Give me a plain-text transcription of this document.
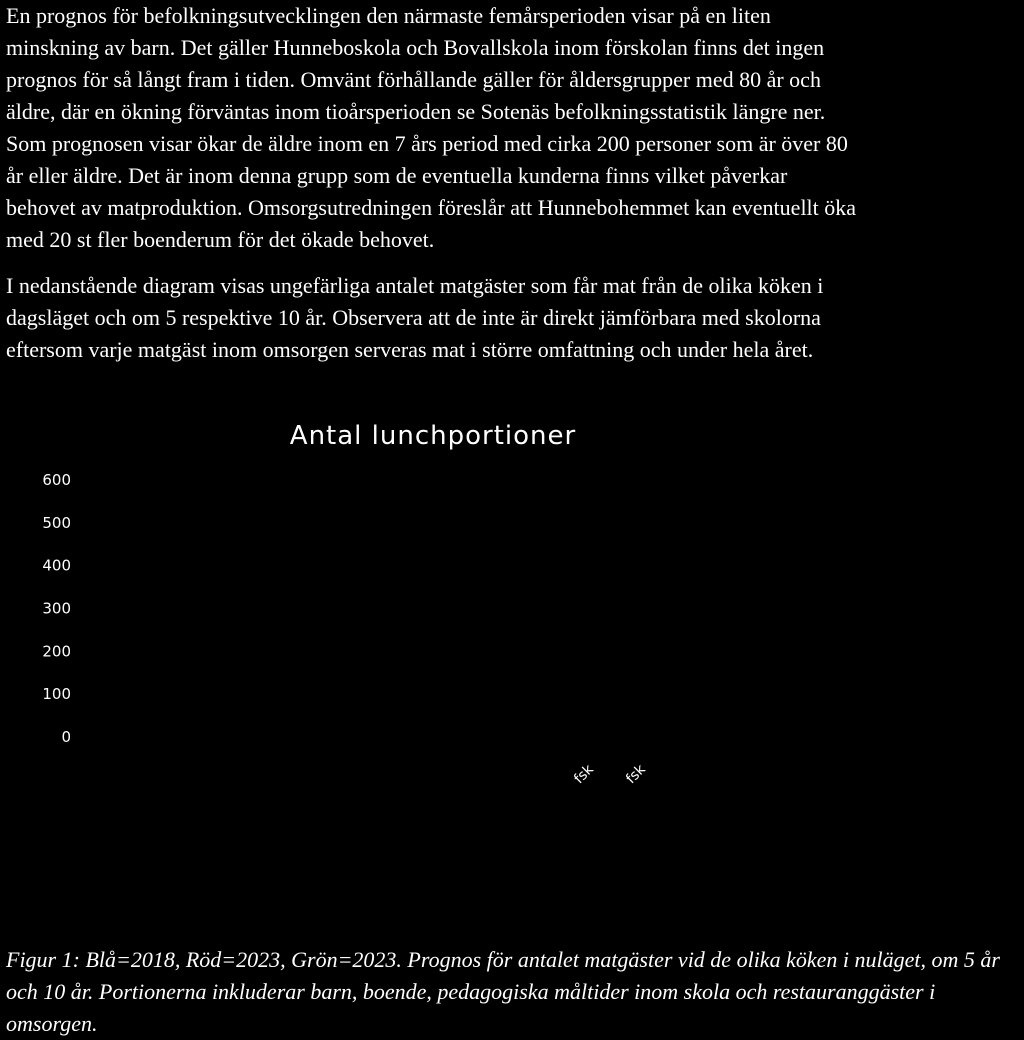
En prognos för befolkningsutvecklingen den närmaste femårsperioden visar på en liten
minskning av barn. Det gäller Hunneboskola och Bovallskola inom förskolan finns det ingen
prognos för så långt fram i tiden. Omvänt förhållande gäller för åldersgrupper med 80 år och
äldre, där en ökning förväntas inom tioårsperioden se Sotenäs befolkningsstatistik längre ner.
Som prognosen visar ökar de äldre inom en 7 års period med cirka 200 personer som är över 80
år eller äldre. Det är inom denna grupp som de eventuella kunderna finns vilket påverkar
behovet av matproduktion. Omsorgsutredningen föreslår att Hunnebohemmet kan eventuellt öka
med 20 st fler boenderum för det ökade behovet.

I nedanstående diagram visas ungefärliga antalet matgäster som får mat från de olika köken i
dagsläget och om 5 respektive 10 år. Observera att de inte är direkt jämförbara med skolorna
eftersom varje matgäst inom omsorgen serveras mat i större omfattning och under hela året.

Antal lunchportioner
0
100
200
300
400
500
600
fsk fsk

Figur 1: Blå=2018, Röd=2023, Grön=2023. Prognos för antalet matgäster vid de olika köken i nuläget, om 5 år och 10 år. Portionerna inkluderar barn, boende, pedagogiska måltider inom skola och restauranggäster i omsorgen.
